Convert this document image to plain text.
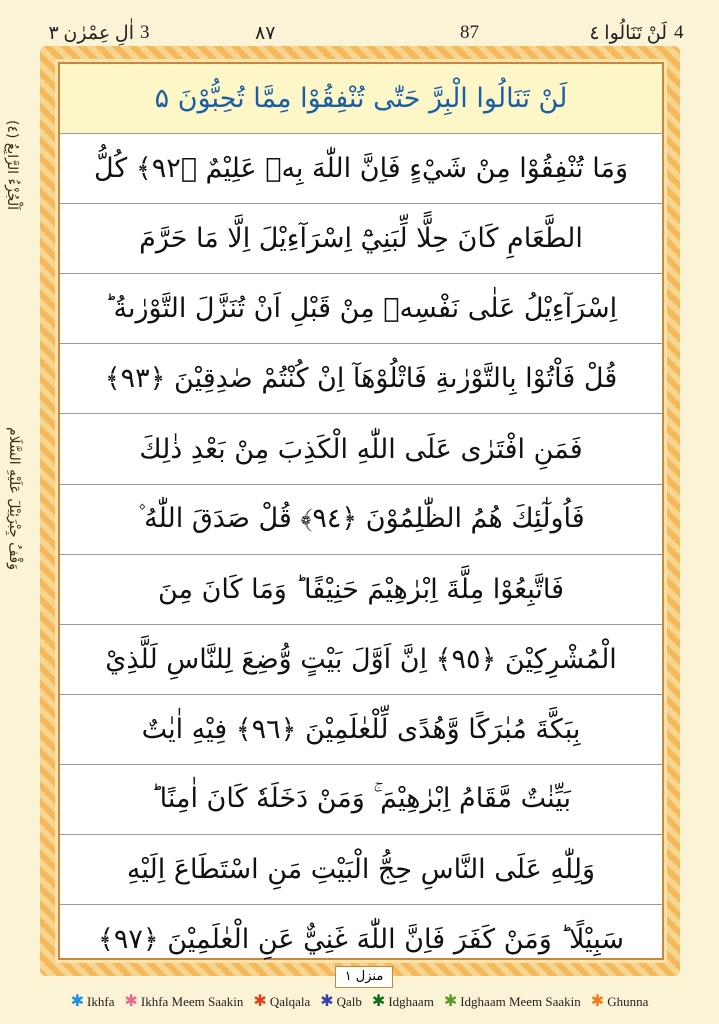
4
لَنْ تَنَالُوا ٤
87
٨٧
3
اٰلِ عِمْرٰن ٣
اَلْجُزْءُ الرَّابِعُ (٤)
وَقْفُ جِبْرَئِيْلَ عَلَيْهِ السَّلَام
لَنْ تَنَالُوا الْبِرَّ حَتّٰى تُنْفِقُوْا مِمَّا تُحِبُّوْنَ ۵
وَمَا تُنْفِقُوْا مِنْ شَيْءٍ فَاِنَّ اللّٰهَ بِهٖ عَلِيْمٌ ﴿٩٢﴾ كُلُّ
الطَّعَامِ كَانَ حِلًّا لِّبَنِيْٓ اِسْرَآءِيْلَ اِلَّا مَا حَرَّمَ
اِسْرَآءِيْلُ عَلٰى نَفْسِهٖ مِنْ قَبْلِ اَنْ تُنَزَّلَ التَّوْرٰىةُ ؕ
قُلْ فَاْتُوْا بِالتَّوْرٰىةِ فَاتْلُوْهَآ اِنْ كُنْتُمْ صٰدِقِيْنَ ﴿٩٣﴾
فَمَنِ افْتَرٰى عَلَى اللّٰهِ الْكَذِبَ مِنْ بَعْدِ ذٰلِكَ
فَاُولٰٓئِكَ هُمُ الظّٰلِمُوْنَ ﴿٩٤﴾ قُلْ صَدَقَ اللّٰهُ ۫
فَاتَّبِعُوْا مِلَّةَ اِبْرٰهِيْمَ حَنِيْفًا ؕ وَمَا كَانَ مِنَ
الْمُشْرِكِيْنَ ﴿٩٥﴾ اِنَّ اَوَّلَ بَيْتٍ وُّضِعَ لِلنَّاسِ لَلَّذِيْ
بِبَكَّةَ مُبٰرَكًا وَّهُدًى لِّلْعٰلَمِيْنَ ﴿٩٦﴾ فِيْهِ اٰيٰتٌ
بَيِّنٰتٌ مَّقَامُ اِبْرٰهِيْمَ ۚ وَمَنْ دَخَلَهٗ كَانَ اٰمِنًا ؕ
وَلِلّٰهِ عَلَى النَّاسِ حِجُّ الْبَيْتِ مَنِ اسْتَطَاعَ اِلَيْهِ
سَبِيْلًا ؕ وَمَنْ كَفَرَ فَاِنَّ اللّٰهَ غَنِيٌّ عَنِ الْعٰلَمِيْنَ ﴿٩٧﴾
منزل ١
✱ Ikhfa ✱ Ikhfa Meem Saakin ✱ Qalqala ✱ Qalb ✱ Idghaam ✱ Idghaam Meem Saakin ✱ Ghunna
